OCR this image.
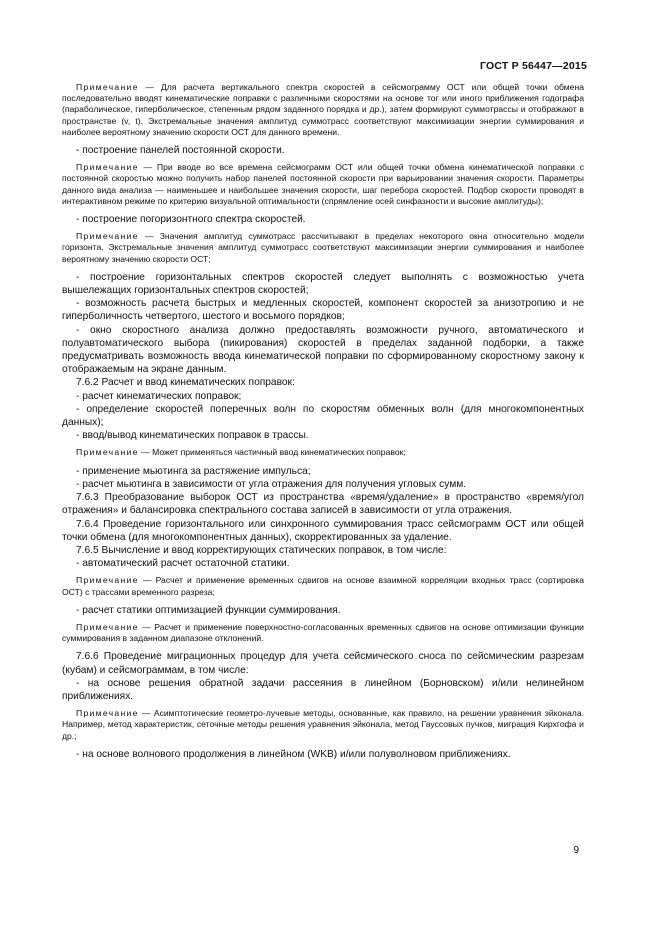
ГОСТ Р 56447—2015

Примечание — Для расчета вертикального спектра скоростей в сейсмограмму ОСТ или общей точки обмена последовательно вводят кинематические поправки с различными скоростями на основе тог или иного приближения годографа (параболическое, гиперболическое, степенным рядом заданного порядка и др.), затем формируют суммотрассы и отображают в пространстве (v, t). Экстремальные значения амплитуд суммотрасс соответствуют максимизации энергии суммирования и наиболее вероятному значению скорости ОСТ для данного времени.

- построение панелей постоянной скорости.

Примечание — При вводе во все времена сейсмограмм ОСТ или общей точки обмена кинематической поправки с постоянной скоростью можно получить набор панелей постоянной скорости при варьировании значения скорости. Параметры данного вида анализа — наименьшее и наибольшее значения скорости, шаг перебора скоростей. Подбор скорости проводят в интерактивном режиме по критерию визуальной оптимальности (спрямление осей синфазности и высокие амплитуды);

- построение погоризонтного спектра скоростей.

Примечание — Значения амплитуд суммотрасс рассчитывают в пределах некоторого окна относительно модели горизонта. Экстремальные значения амплитуд суммотрасс соответствуют максимизации энергии суммирования и наиболее вероятному значению скорости ОСТ;

- построение горизонтальных спектров скоростей следует выполнять с возможностью учета вышележащих горизонтальных спектров скоростей;

- возможность расчета быстрых и медленных скоростей, компонент скоростей за анизотропию и не гиперболичность четвертого, шестого и восьмого порядков;

- окно скоростного анализа должно предоставлять возможности ручного, автоматического и полуавтоматического выбора (пикирования) скоростей в пределах заданной подборки, а также предусматривать возможность ввода кинематической поправки по сформированному скоростному закону к отображаемым на экране данным.

7.6.2 Расчет и ввод кинематических поправок:

- расчет кинематических поправок;

- определение скоростей поперечных волн по скоростям обменных волн (для многокомпонентных данных);

- ввод/вывод кинематических поправок в трассы.

Примечание — Может применяться частичный ввод кинематических поправок;

- применение мьютинга за растяжение импульса;

- расчет мьютинга в зависимости от угла отражения для получения угловых сумм.

7.6.3 Преобразование выборок ОСТ из пространства «время/удаление» в пространство «время/угол отражения» и балансировка спектрального состава записей в зависимости от угла отражения.

7.6.4 Проведение горизонтального или синхронного суммирования трасс сейсмограмм ОСТ или общей точки обмена (для многокомпонентных данных), скорректированных за удаление.

7.6.5 Вычисление и ввод корректирующих статических поправок, в том числе:

- автоматический расчет остаточной статики.

Примечание — Расчет и применение временных сдвигов на основе взаимной корреляции входных трасс (сортировка ОСТ) с трассами временного разреза;

- расчет статики оптимизацией функции суммирования.

Примечание — Расчет и применение поверхностно-согласованных временных сдвигов на основе оптимизации функции суммирования в заданном диапазоне отклонений.

7.6.6 Проведение миграционных процедур для учета сейсмического сноса по сейсмическим разрезам (кубам) и сейсмограммам, в том числе:

- на основе решения обратной задачи рассеяния в линейном (Борновском) и/или нелинейном приближениях.

Примечание — Асимптотические геометро-лучевые методы, основанные, как правило, на решении уравнения эйконала. Например, метод характеристик, сеточные методы решения уравнения эйконала, метод Гауссовых пучков, миграция Кирхгофа и др.;

- на основе волнового продолжения в линейном (WKB) и/или полуволновом приближениях.

9
